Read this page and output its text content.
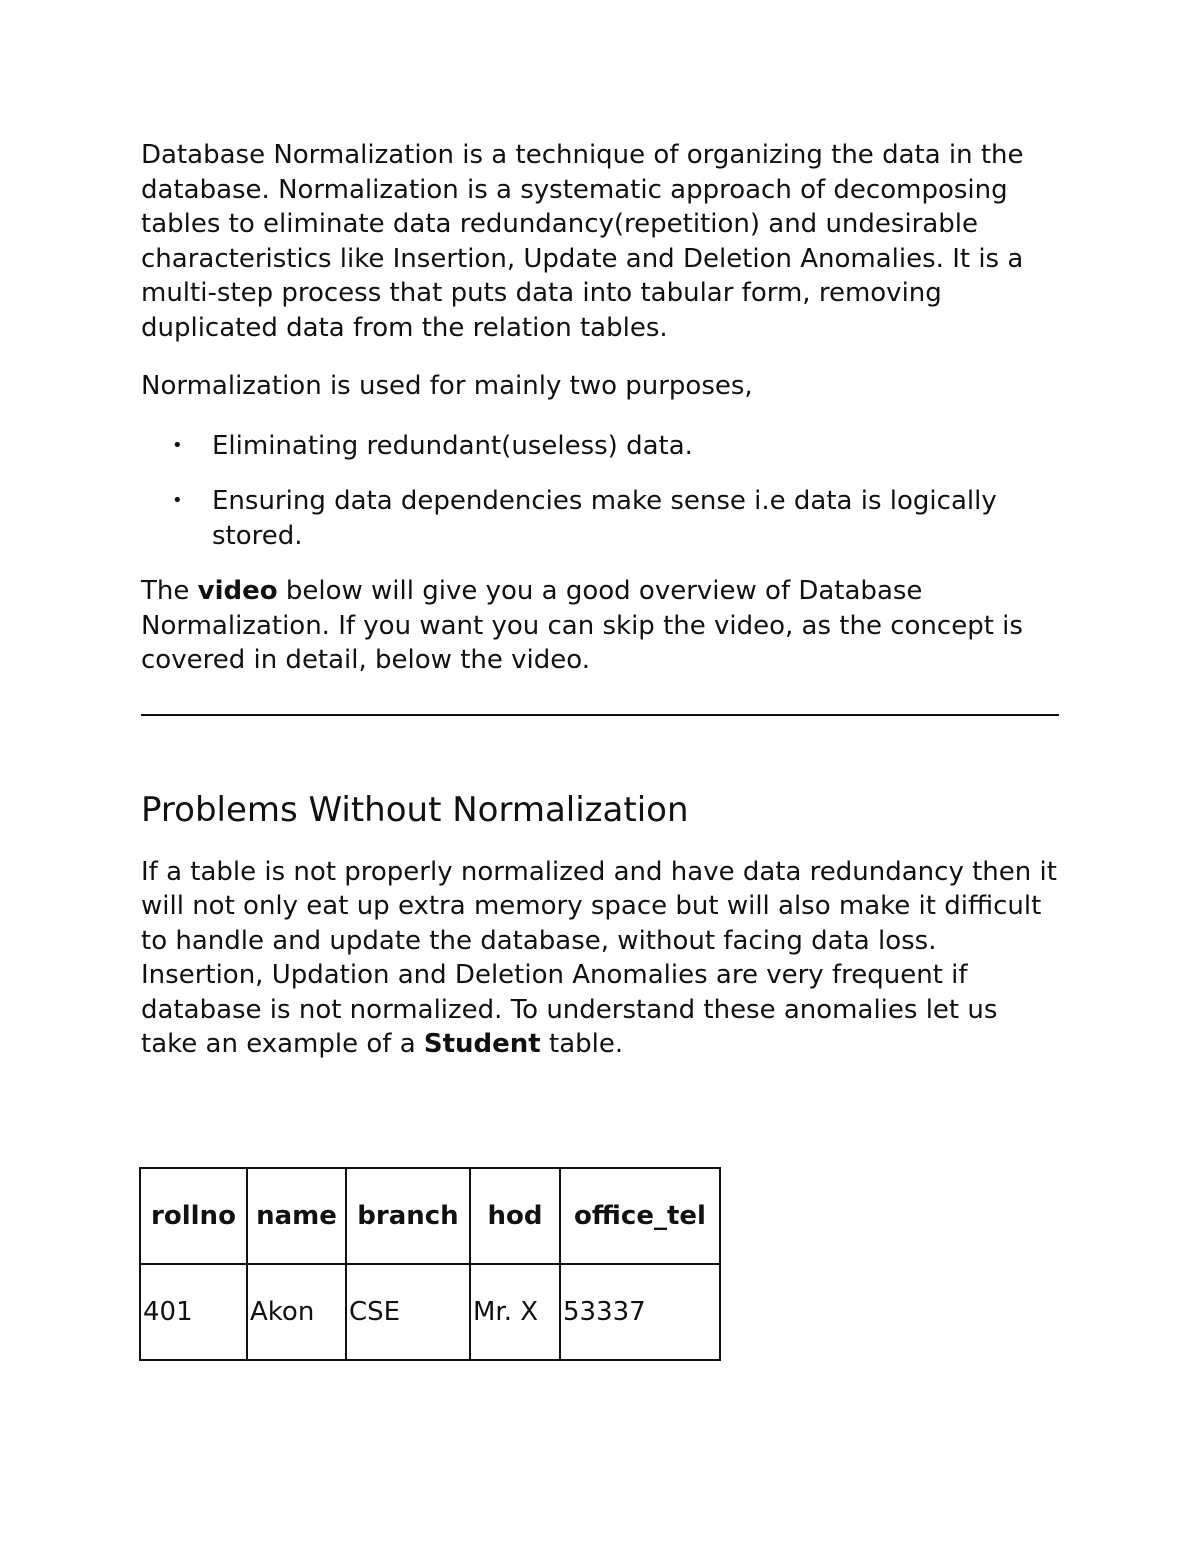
Database Normalization is a technique of organizing the data in the database. Normalization is a systematic approach of decomposing tables to eliminate data redundancy(repetition) and undesirable characteristics like Insertion, Update and Deletion Anomalies. It is a multi-step process that puts data into tabular form, removing duplicated data from the relation tables.

Normalization is used for mainly two purposes,

• Eliminating redundant(useless) data.
• Ensuring data dependencies make sense i.e data is logically stored.

The video below will give you a good overview of Database Normalization. If you want you can skip the video, as the concept is covered in detail, below the video.

Problems Without Normalization

If a table is not properly normalized and have data redundancy then it will not only eat up extra memory space but will also make it difficult to handle and update the database, without facing data loss. Insertion, Updation and Deletion Anomalies are very frequent if database is not normalized. To understand these anomalies let us take an example of a Student table.

rollno	name	branch	hod	office_tel
401	Akon	CSE	Mr. X	53337
